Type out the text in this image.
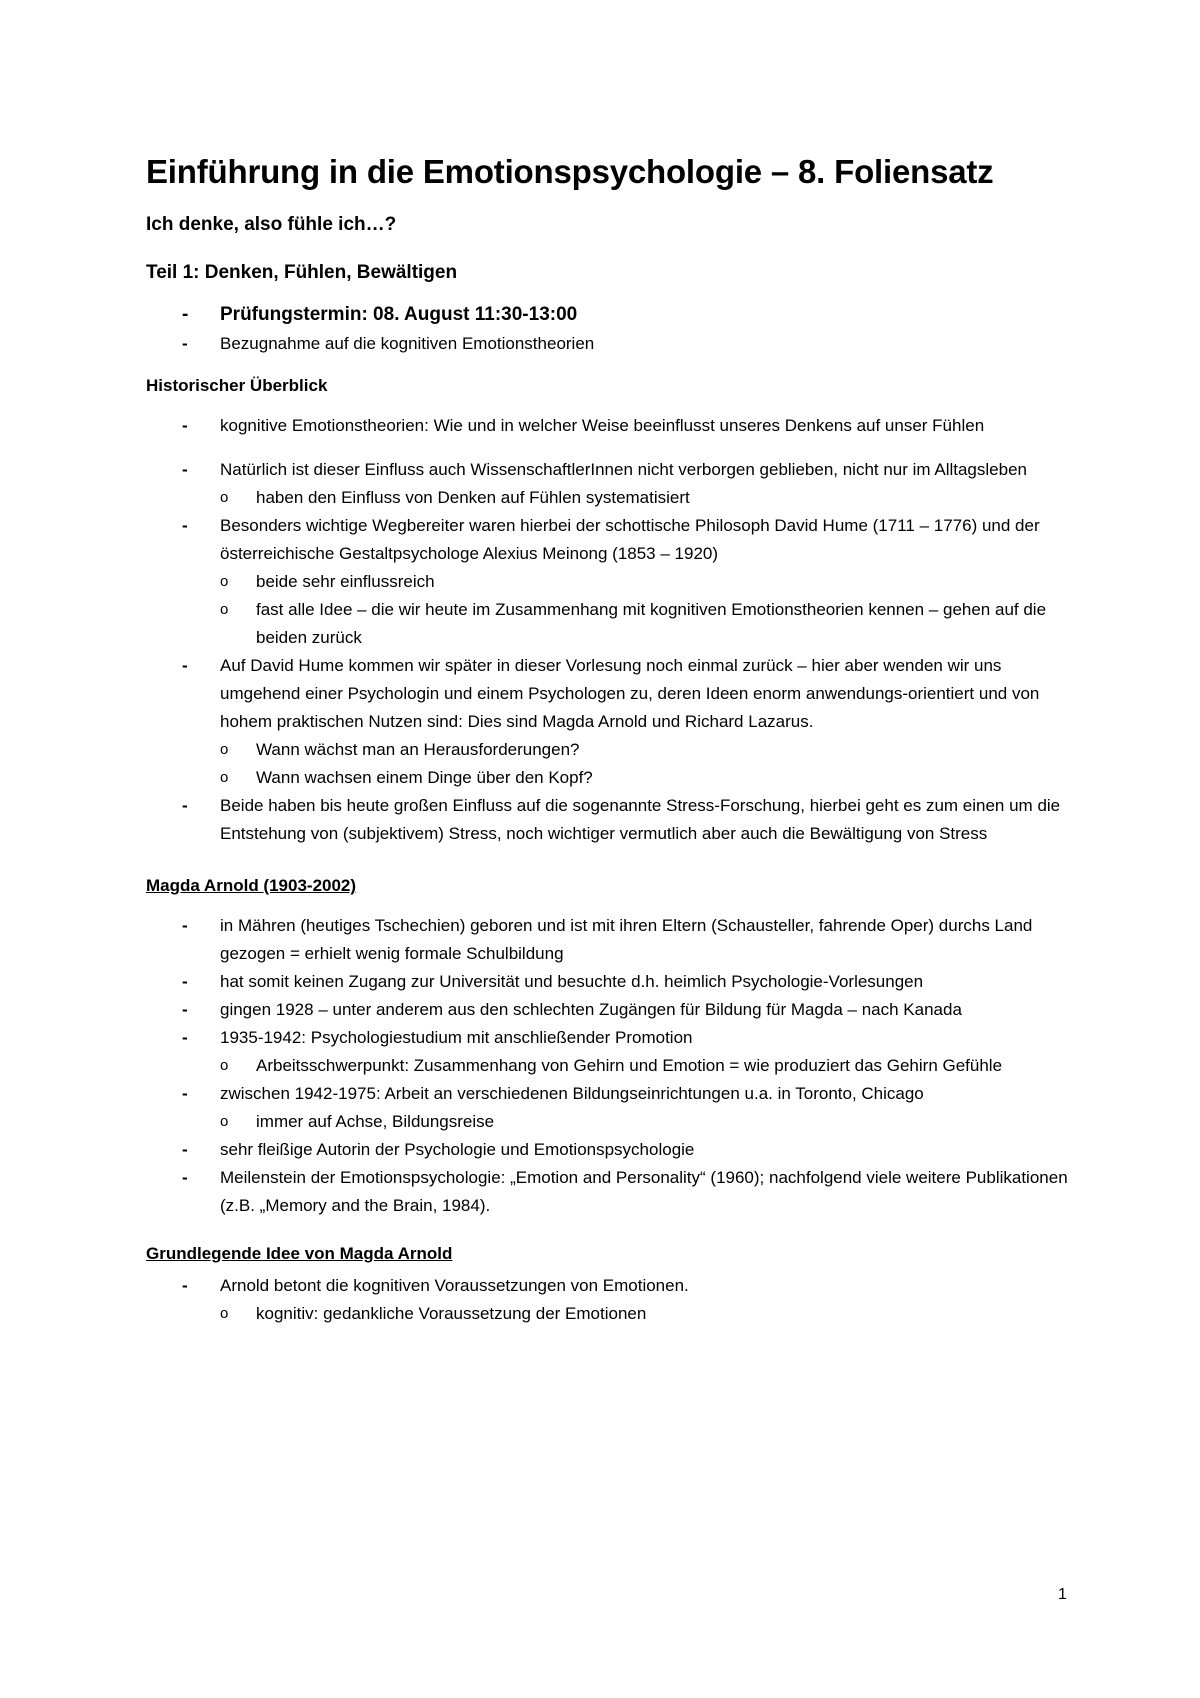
Einführung in die Emotionspsychologie – 8. Foliensatz
Ich denke, also fühle ich…?
Teil 1: Denken, Fühlen, Bewältigen
- Prüfungstermin: 08. August 11:30-13:00
- Bezugnahme auf die kognitiven Emotionstheorien
Historischer Überblick
- kognitive Emotionstheorien: Wie und in welcher Weise beeinflusst unseres Denkens auf unser Fühlen
- Natürlich ist dieser Einfluss auch WissenschaftlerInnen nicht verborgen geblieben, nicht nur im Alltagsleben
o haben den Einfluss von Denken auf Fühlen systematisiert
- Besonders wichtige Wegbereiter waren hierbei der schottische Philosoph David Hume (1711 – 1776) und der österreichische Gestaltpsychologe Alexius Meinong (1853 – 1920)
o beide sehr einflussreich
o fast alle Idee – die wir heute im Zusammenhang mit kognitiven Emotionstheorien kennen – gehen auf die beiden zurück
- Auf David Hume kommen wir später in dieser Vorlesung noch einmal zurück – hier aber wenden wir uns umgehend einer Psychologin und einem Psychologen zu, deren Ideen enorm anwendungs-orientiert und von hohem praktischen Nutzen sind: Dies sind Magda Arnold und Richard Lazarus.
o Wann wächst man an Herausforderungen?
o Wann wachsen einem Dinge über den Kopf?
- Beide haben bis heute großen Einfluss auf die sogenannte Stress-Forschung, hierbei geht es zum einen um die Entstehung von (subjektivem) Stress, noch wichtiger vermutlich aber auch die Bewältigung von Stress
Magda Arnold (1903-2002)
- in Mähren (heutiges Tschechien) geboren und ist mit ihren Eltern (Schausteller, fahrende Oper) durchs Land gezogen = erhielt wenig formale Schulbildung
- hat somit keinen Zugang zur Universität und besuchte d.h. heimlich Psychologie-Vorlesungen
- gingen 1928 – unter anderem aus den schlechten Zugängen für Bildung für Magda – nach Kanada
- 1935-1942: Psychologiestudium mit anschließender Promotion
o Arbeitsschwerpunkt: Zusammenhang von Gehirn und Emotion = wie produziert das Gehirn Gefühle
- zwischen 1942-1975: Arbeit an verschiedenen Bildungseinrichtungen u.a. in Toronto, Chicago
o immer auf Achse, Bildungsreise
- sehr fleißige Autorin der Psychologie und Emotionspsychologie
- Meilenstein der Emotionspsychologie: „Emotion and Personality“ (1960); nachfolgend viele weitere Publikationen (z.B. „Memory and the Brain, 1984).
Grundlegende Idee von Magda Arnold
- Arnold betont die kognitiven Voraussetzungen von Emotionen.
o kognitiv: gedankliche Voraussetzung der Emotionen
1
